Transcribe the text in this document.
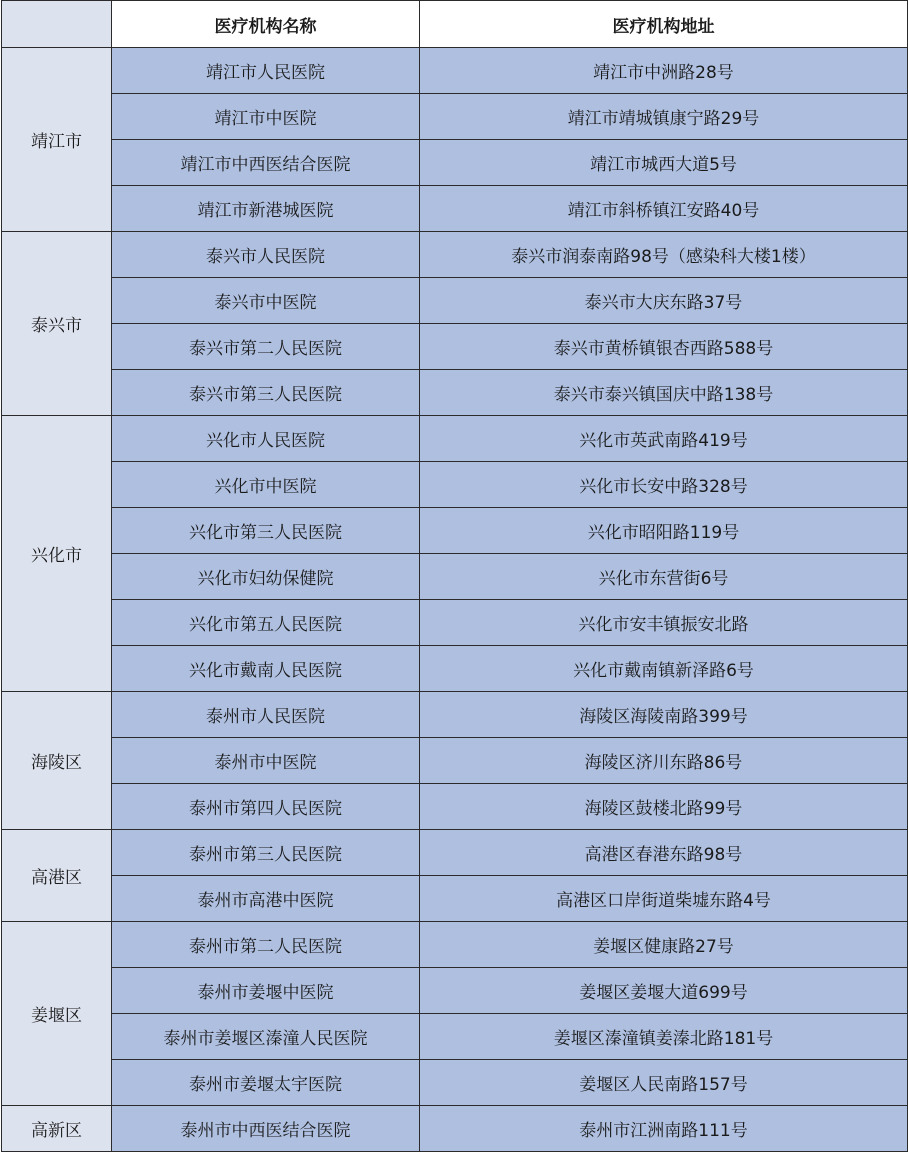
	医疗机构名称	医疗机构地址
靖江市	靖江市人民医院	靖江市中洲路28号
	靖江市中医院	靖江市靖城镇康宁路29号
	靖江市中西医结合医院	靖江市城西大道5号
	靖江市新港城医院	靖江市斜桥镇江安路40号
泰兴市	泰兴市人民医院	泰兴市润泰南路98号（感染科大楼1楼）
	泰兴市中医院	泰兴市大庆东路37号
	泰兴市第二人民医院	泰兴市黄桥镇银杏西路588号
	泰兴市第三人民医院	泰兴市泰兴镇国庆中路138号
兴化市	兴化市人民医院	兴化市英武南路419号
	兴化市中医院	兴化市长安中路328号
	兴化市第三人民医院	兴化市昭阳路119号
	兴化市妇幼保健院	兴化市东营街6号
	兴化市第五人民医院	兴化市安丰镇振安北路
	兴化市戴南人民医院	兴化市戴南镇新泽路6号
海陵区	泰州市人民医院	海陵区海陵南路399号
	泰州市中医院	海陵区济川东路86号
	泰州市第四人民医院	海陵区鼓楼北路99号
高港区	泰州市第三人民医院	高港区春港东路98号
	泰州市高港中医院	高港区口岸街道柴墟东路4号
姜堰区	泰州市第二人民医院	姜堰区健康路27号
	泰州市姜堰中医院	姜堰区姜堰大道699号
	泰州市姜堰区溱潼人民医院	姜堰区溱潼镇姜溱北路181号
	泰州市姜堰太宇医院	姜堰区人民南路157号
高新区	泰州市中西医结合医院	泰州市江洲南路111号
